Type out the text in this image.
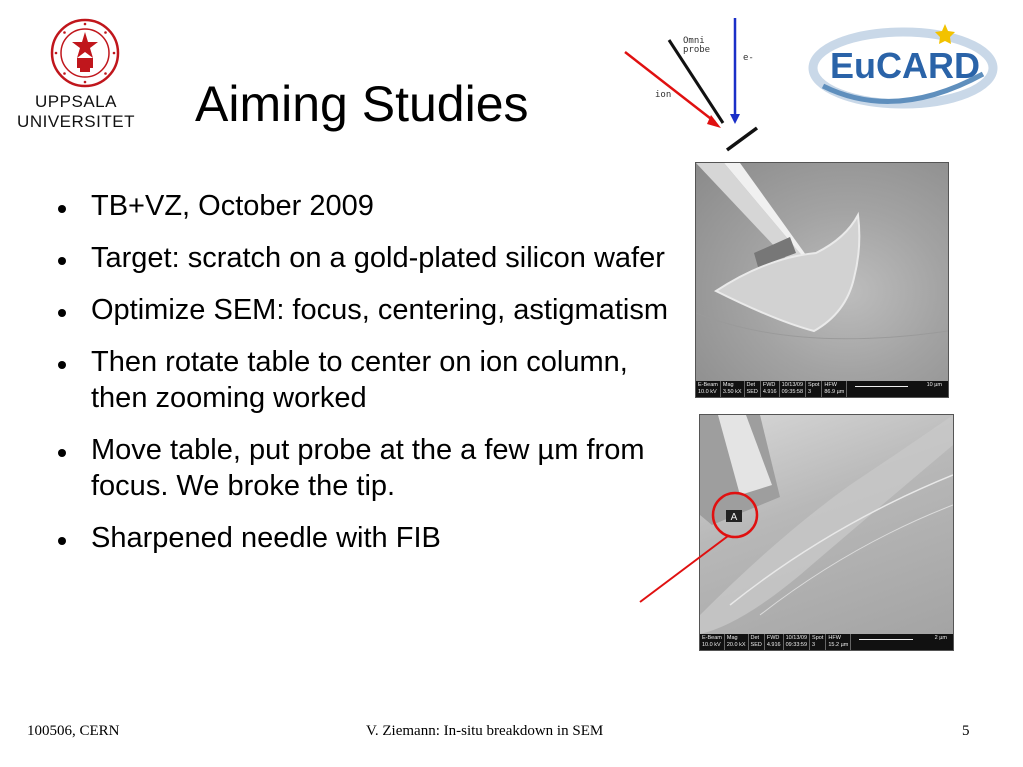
UPPSALA
UNIVERSITET Aiming Studies
Omni
probe
e-
ion
EuCARD
TB+VZ, October 2009
Target: scratch on a gold-plated silicon wafer
Optimize SEM: focus, centering, astigmatism
Then rotate table to center on ion column, then zooming worked
Move table, put probe at the a few µm from focus. We broke the tip.
Sharpened needle with FIB
E-Beam
10.0 kV
Mag
3.50 kX
Det
SED
FWD
4.916
10/13/09
09:35:58
Spot
3
HFW
86.9 µm
10 µm
A
E-Beam
10.0 kV
Mag
20.0 kX
Det
SED
FWD
4.916
10/13/09
09:33:59
Spot
3
HFW
15.2 µm
2 µm
100506, CERN	V. Ziemann: In-situ breakdown in SEM	5
